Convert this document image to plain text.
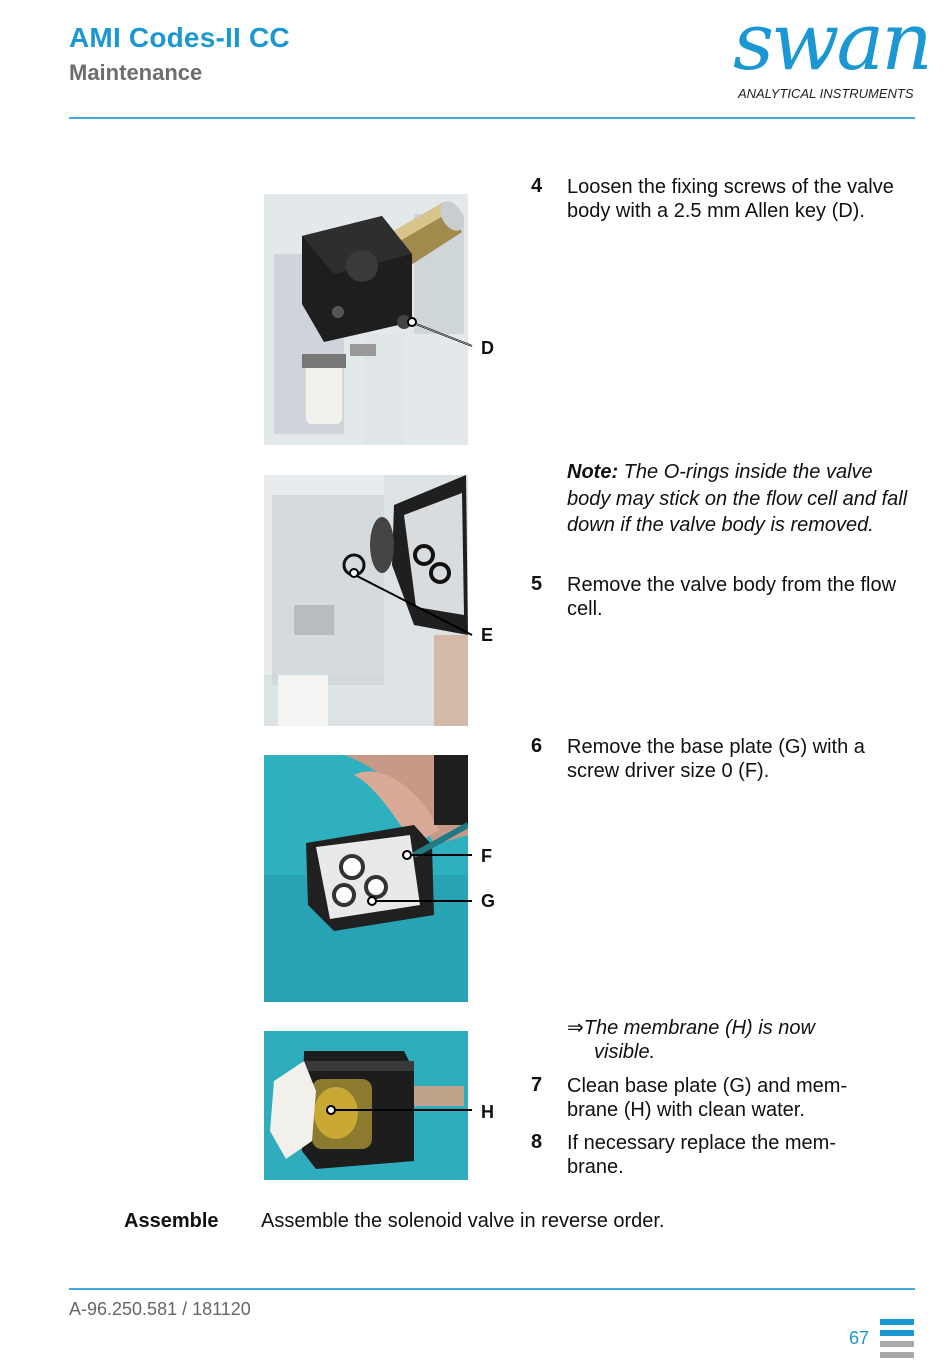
AMI Codes-II CC
Maintenance	swan
ANALYTICAL INSTRUMENTS
D
E
F
G
H
4 Loosen the fixing screws of the valve body with a 2.5 mm Allen key (D).
Note: The O-rings inside the valve body may stick on the flow cell and fall down if the valve body is removed.
5 Remove the valve body from the flow cell.
6 Remove the base plate (G) with a screw driver size 0 (F).
⇒The membrane (H) is now
visible.
7 Clean base plate (G) and mem-brane (H) with clean water.
8 If necessary replace the mem-brane.
Assemble Assemble the solenoid valve in reverse order.
A-96.250.581 / 181120
67
